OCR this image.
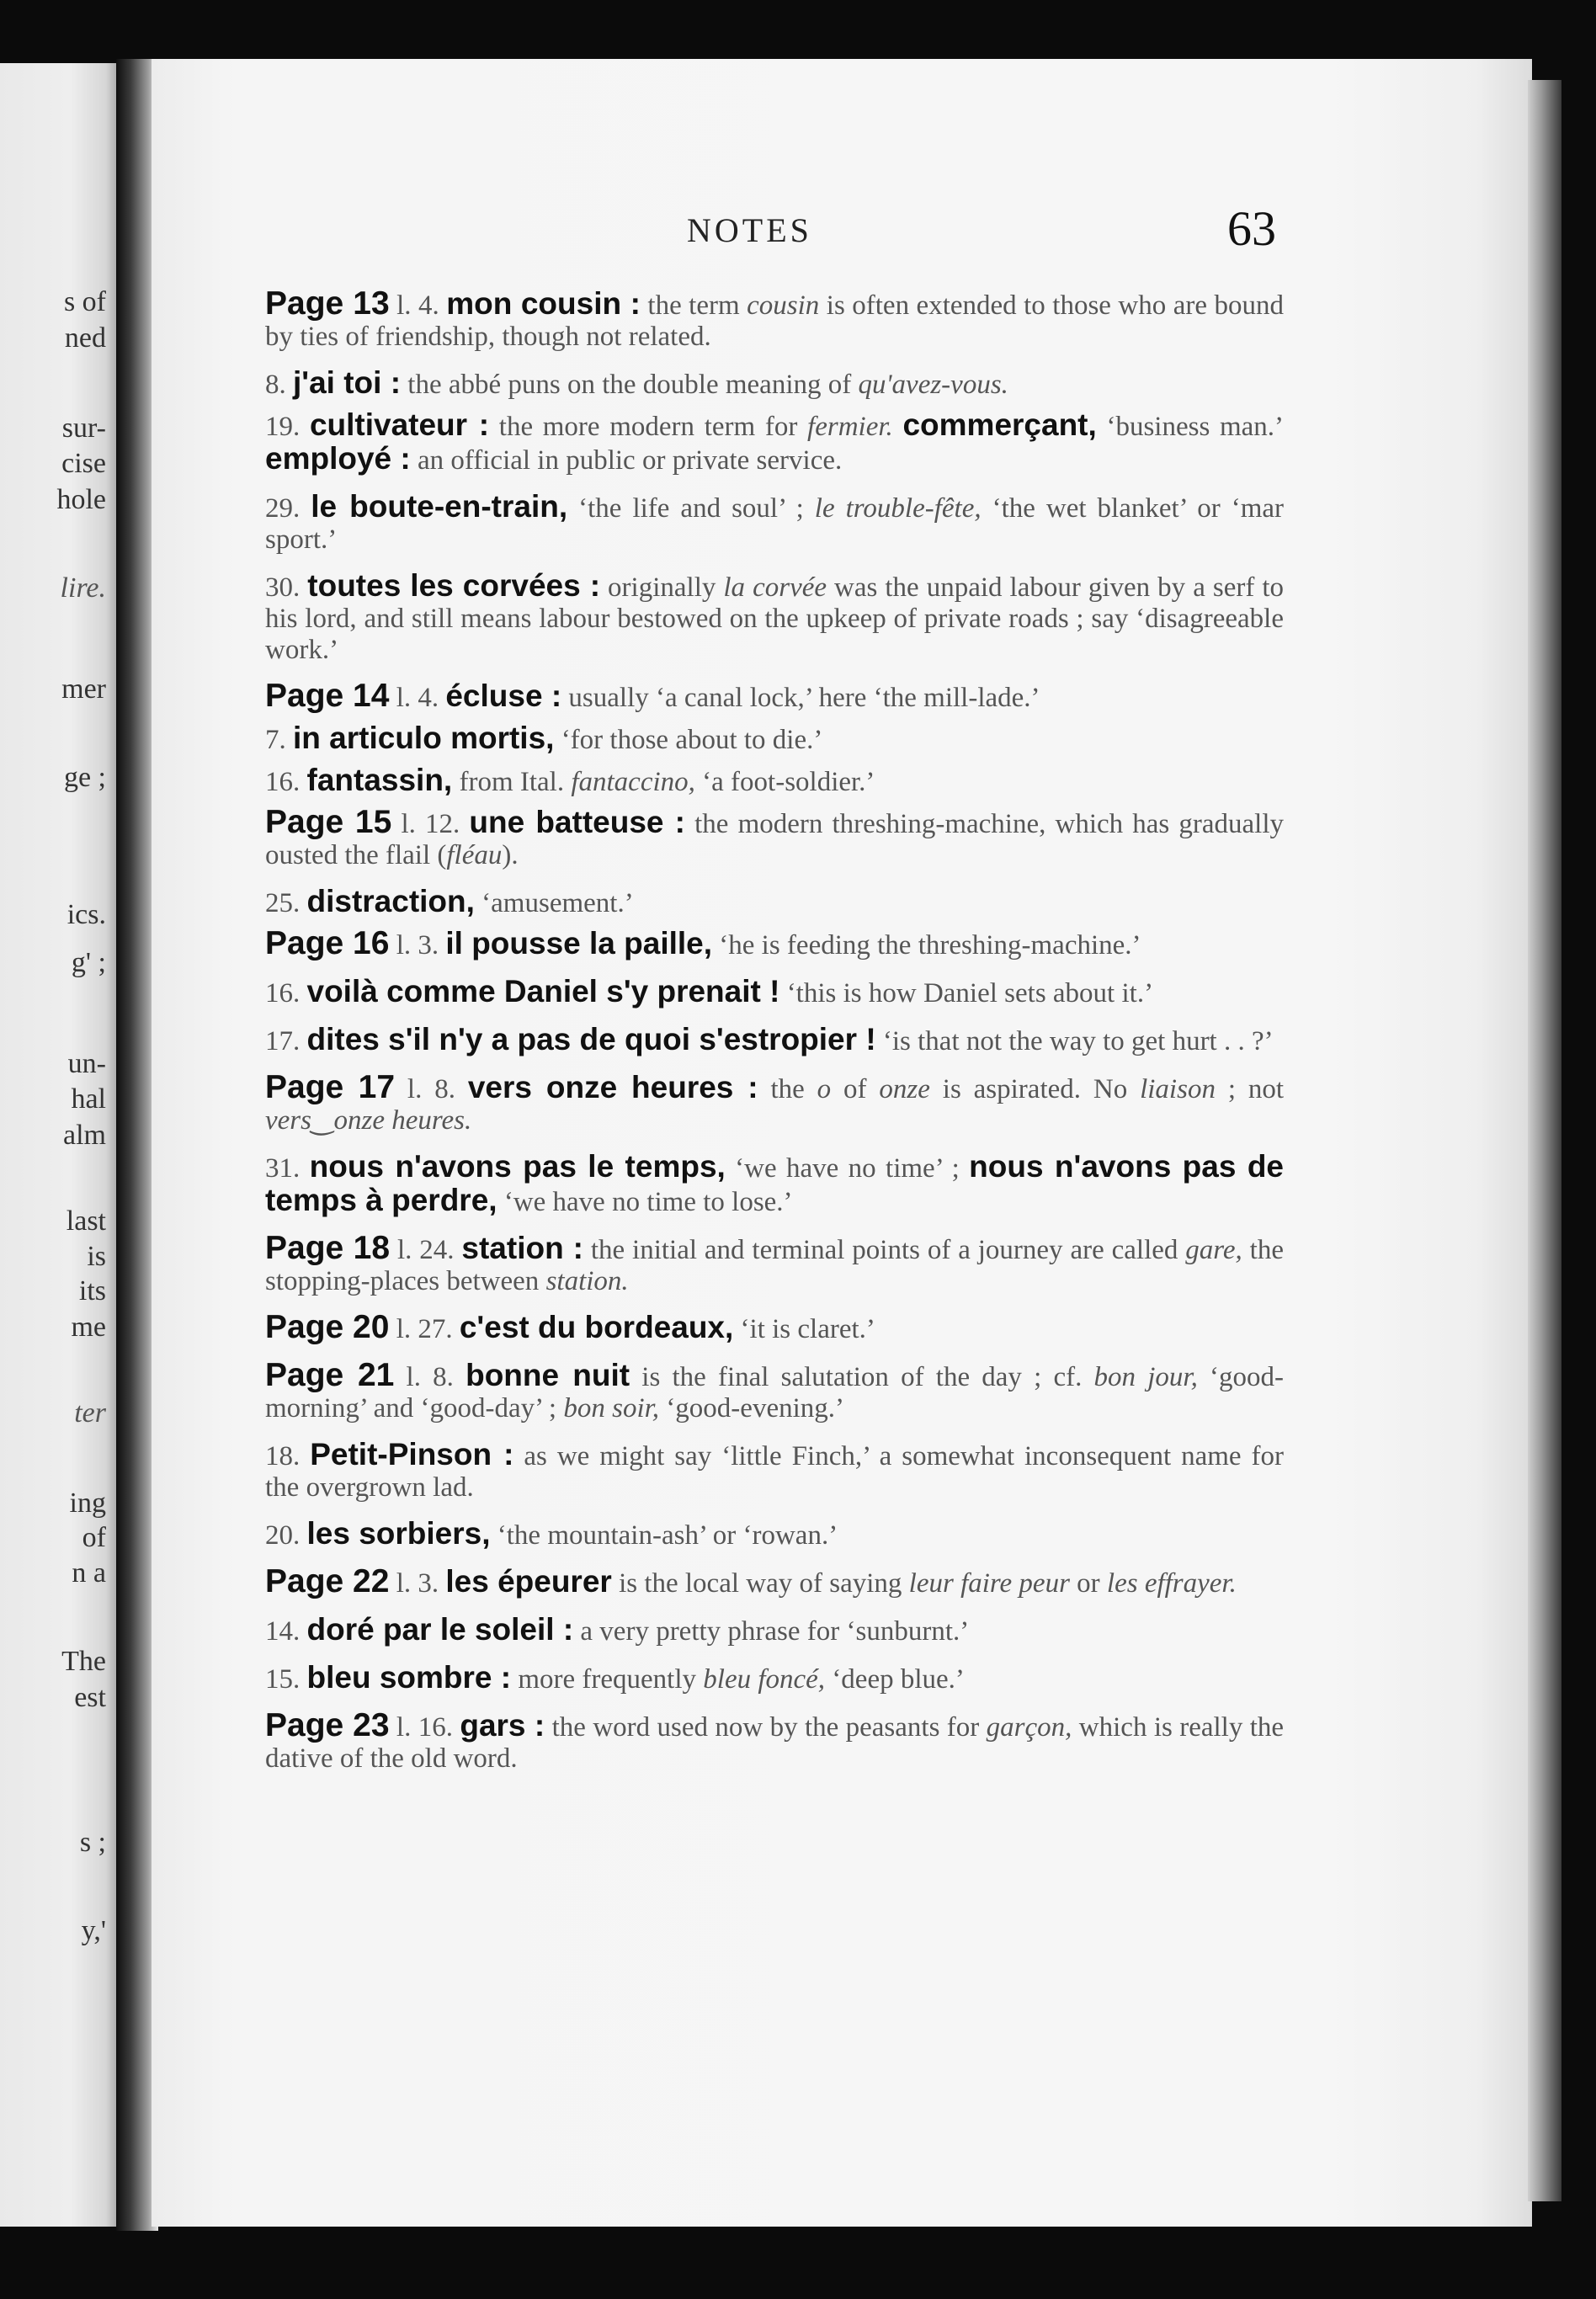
s of
ned
sur-
cise
hole
lire.
mer
ge ;
ics.
g' ;
un-
hal
alm
last
is
its
me
ter
ing
of
n a
The
est
s ;
y,'
NOTES	63

Page 13 l. 4. mon cousin : the term cousin is often extended to those who are bound by ties of friendship, though not related.

8. j'ai toi : the abbé puns on the double meaning of qu'avez-vous.

19. cultivateur : the more modern term for fermier. commerçant, ‘business man.’ employé : an official in public or private service.

29. le boute-en-train, ‘the life and soul’ ; le trouble-fête, ‘the wet blanket’ or ‘mar sport.’

30. toutes les corvées : originally la corvée was the unpaid labour given by a serf to his lord, and still means labour bestowed on the upkeep of private roads ; say ‘disagreeable work.’

Page 14 l. 4. écluse : usually ‘a canal lock,’ here ‘the mill-lade.’

7. in articulo mortis, ‘for those about to die.’

16. fantassin, from Ital. fantaccino, ‘a foot-soldier.’

Page 15 l. 12. une batteuse : the modern threshing-machine, which has gradually ousted the flail (fléau).

25. distraction, ‘amusement.’

Page 16 l. 3. il pousse la paille, ‘he is feeding the threshing-machine.’

16. voilà comme Daniel s'y prenait ! ‘this is how Daniel sets about it.’

17. dites s'il n'y a pas de quoi s'estropier ! ‘is that not the way to get hurt . . ?’

Page 17 l. 8. vers onze heures : the o of onze is aspirated. No liaison ; not vers‿onze heures.

31. nous n'avons pas le temps, ‘we have no time’ ; nous n'avons pas de temps à perdre, ‘we have no time to lose.’

Page 18 l. 24. station : the initial and terminal points of a journey are called gare, the stopping-places between station.

Page 20 l. 27. c'est du bordeaux, ‘it is claret.’

Page 21 l. 8. bonne nuit is the final salutation of the day ; cf. bon jour, ‘good-morning’ and ‘good-day’ ; bon soir, ‘good-evening.’

18. Petit-Pinson : as we might say ‘little Finch,’ a somewhat inconsequent name for the overgrown lad.

20. les sorbiers, ‘the mountain-ash’ or ‘rowan.’

Page 22 l. 3. les épeurer is the local way of saying leur faire peur or les effrayer.

14. doré par le soleil : a very pretty phrase for ‘sunburnt.’

15. bleu sombre : more frequently bleu foncé, ‘deep blue.’

Page 23 l. 16. gars : the word used now by the peasants for garçon, which is really the dative of the old word.
